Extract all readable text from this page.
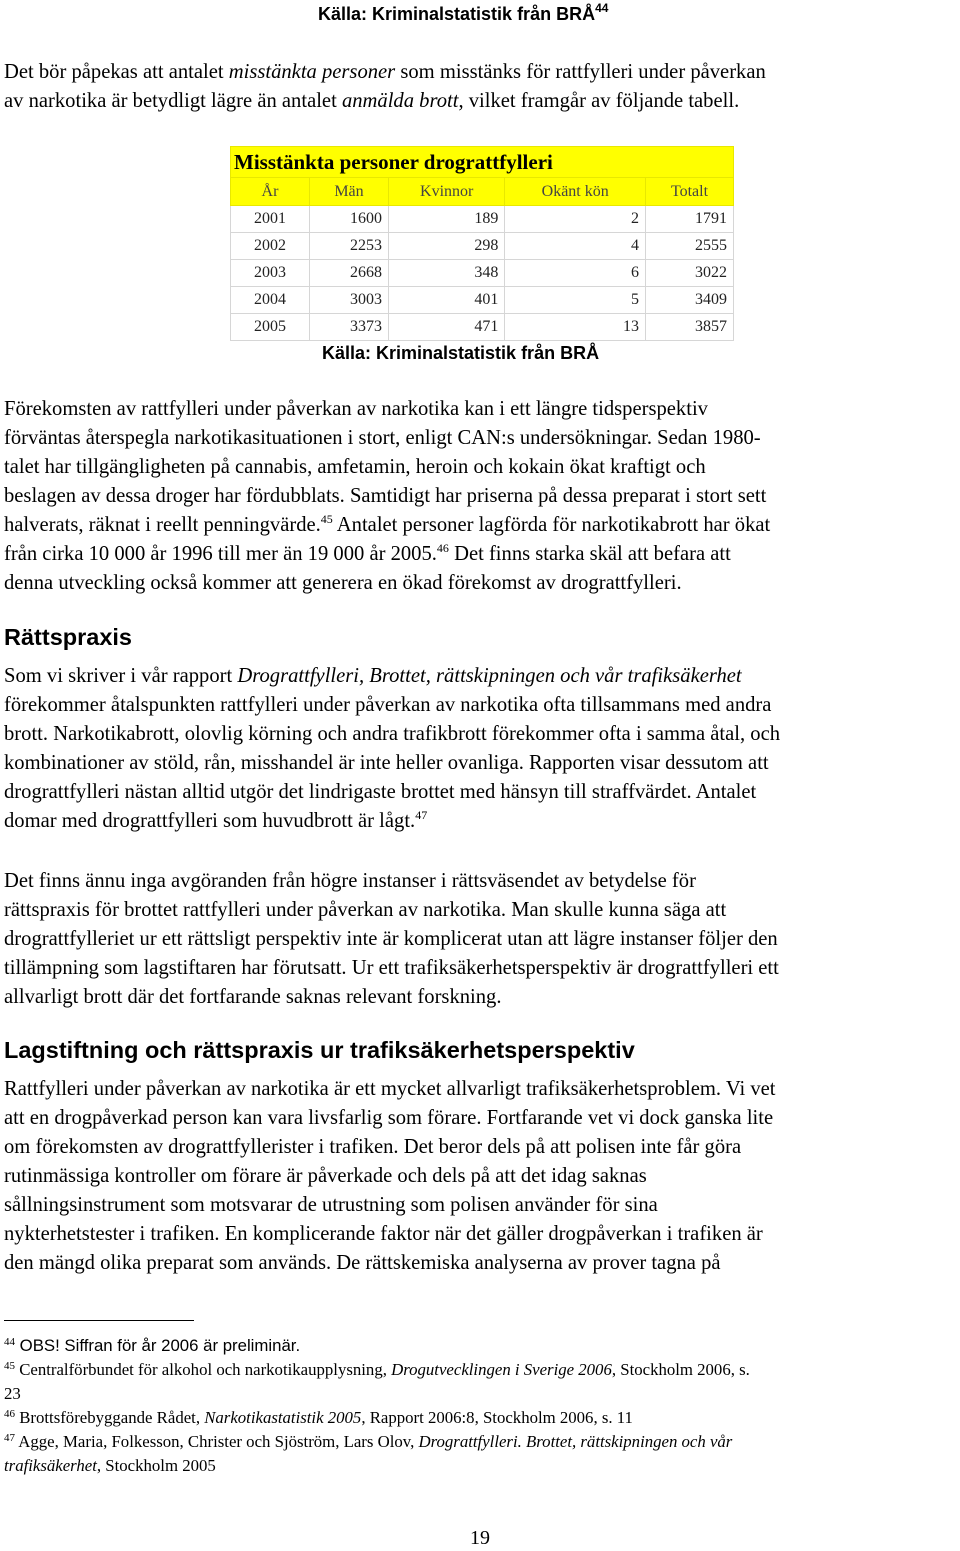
Källa: Kriminalstatistik från BRÅ$^{44}$

Det bör påpekas att antalet misstänkta personer som misstänks för rattfylleri under påverkan
av narkotika är betydligt lägre än antalet anmälda brott, vilket framgår av följande tabell.

Misstänkta personer drograttfylleri				
År	Män	Kvinnor	Okänt kön	Totalt
2001	1600	189	2	1791
2002	2253	298	4	2555
2003	2668	348	6	3022
2004	3003	401	5	3409
2005	3373	471	13	3857
Källa: Kriminalstatistik från BRÅ

Förekomsten av rattfylleri under påverkan av narkotika kan i ett längre tidsperspektiv
förväntas återspegla narkotikasituationen i stort, enligt CAN:s undersökningar. Sedan 1980-
talet har tillgängligheten på cannabis, amfetamin, heroin och kokain ökat kraftigt och
beslagen av dessa droger har fördubblats. Samtidigt har priserna på dessa preparat i stort sett
halverats, räknat i reellt penningvärde.$^{45}$ Antalet personer lagförda för narkotikabrott har ökat
från cirka 10 000 år 1996 till mer än 19 000 år 2005.46 Det finns starka skäl att befara att
denna utveckling också kommer att generera en ökad förekomst av drograttfylleri.

Rättspraxis

Som vi skriver i vår rapport Drograttfylleri, Brottet, rättskipningen och vår trafiksäkerhet
förekommer åtalspunkten rattfylleri under påverkan av narkotika ofta tillsammans med andra
brott. Narkotikabrott, olovlig körning och andra trafikbrott förekommer ofta i samma åtal, och
kombinationer av stöld, rån, misshandel är inte heller ovanliga. Rapporten visar dessutom att
drograttfylleri nästan alltid utgör det lindrigaste brottet med hänsyn till straffvärdet. Antalet
domar med drograttfylleri som huvudbrott är lågt.$^{47}$

Det finns ännu inga avgöranden från högre instanser i rättsväsendet av betydelse för
rättspraxis för brottet rattfylleri under påverkan av narkotika. Man skulle kunna säga att
drograttfylleriet ur ett rättsligt perspektiv inte är komplicerat utan att lägre instanser följer den
tillämpning som lagstiftaren har förutsatt. Ur ett trafiksäkerhetsperspektiv är drograttfylleri ett
allvarligt brott där det fortfarande saknas relevant forskning.

Lagstiftning och rättspraxis ur trafiksäkerhetsperspektiv

Rattfylleri under påverkan av narkotika är ett mycket allvarligt trafiksäkerhetsproblem. Vi vet
att en drogpåverkad person kan vara livsfarlig som förare. Fortfarande vet vi dock ganska lite
om förekomsten av drograttfyllerister i trafiken. Det beror dels på att polisen inte får göra
rutinmässiga kontroller om förare är påverkade och dels på att det idag saknas
sållningsinstrument som motsvarar de utrustning som polisen använder för sina
nykterhetstester i trafiken. En komplicerande faktor när det gäller drogpåverkan i trafiken är
den mängd olika preparat som används. De rättskemiska analyserna av prover tagna på

$^{44}$ OBS! Siffran för år 2006 är preliminär.
$^{45}$ Centralförbundet för alkohol och narkotikaupplysning, Drogutvecklingen i Sverige 2006, Stockholm 2006, s.
23
$^{46}$ Brottsförebyggande Rådet, Narkotikastatistik 2005, Rapport 2006:8, Stockholm 2006, s. 11
$^{47}$ Agge, Maria, Folkesson, Christer och Sjöström, Lars Olov, Drograttfylleri. Brottet, rättskipningen och vår
trafiksäkerhet, Stockholm 2005
19
